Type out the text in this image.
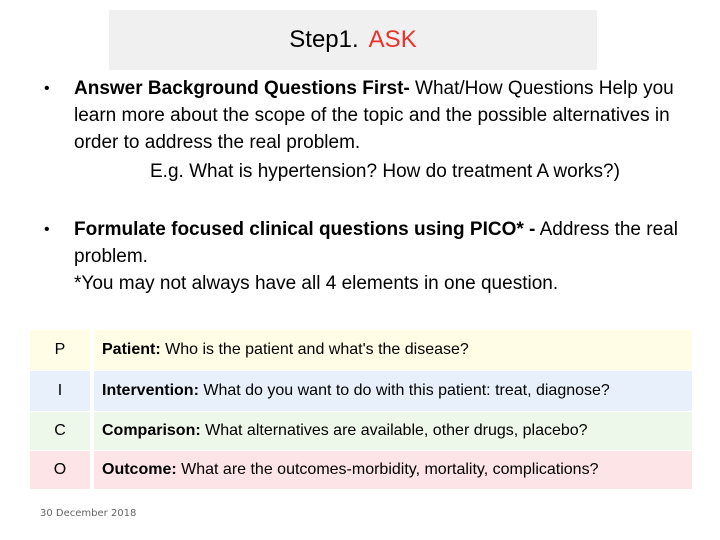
Step1. ASK
• Answer Background Questions First- What/How Questions Help you learn more about the scope of the topic and the possible alternatives in order to address the real problem.
E.g. What is hypertension? How do treatment A works?)
• Formulate focused clinical questions using PICO* - Address the real problem.
*You may not always have all 4 elements in one question.
P	Patient:
Who is the patient and what's the disease?
I	Intervention:
What do you want to do with this patient: treat, diagnose?
C	Comparison:
What alternatives are available, other drugs, placebo?
O	Outcome:
What are the outcomes-morbidity, mortality, complications?
30 December 2018
